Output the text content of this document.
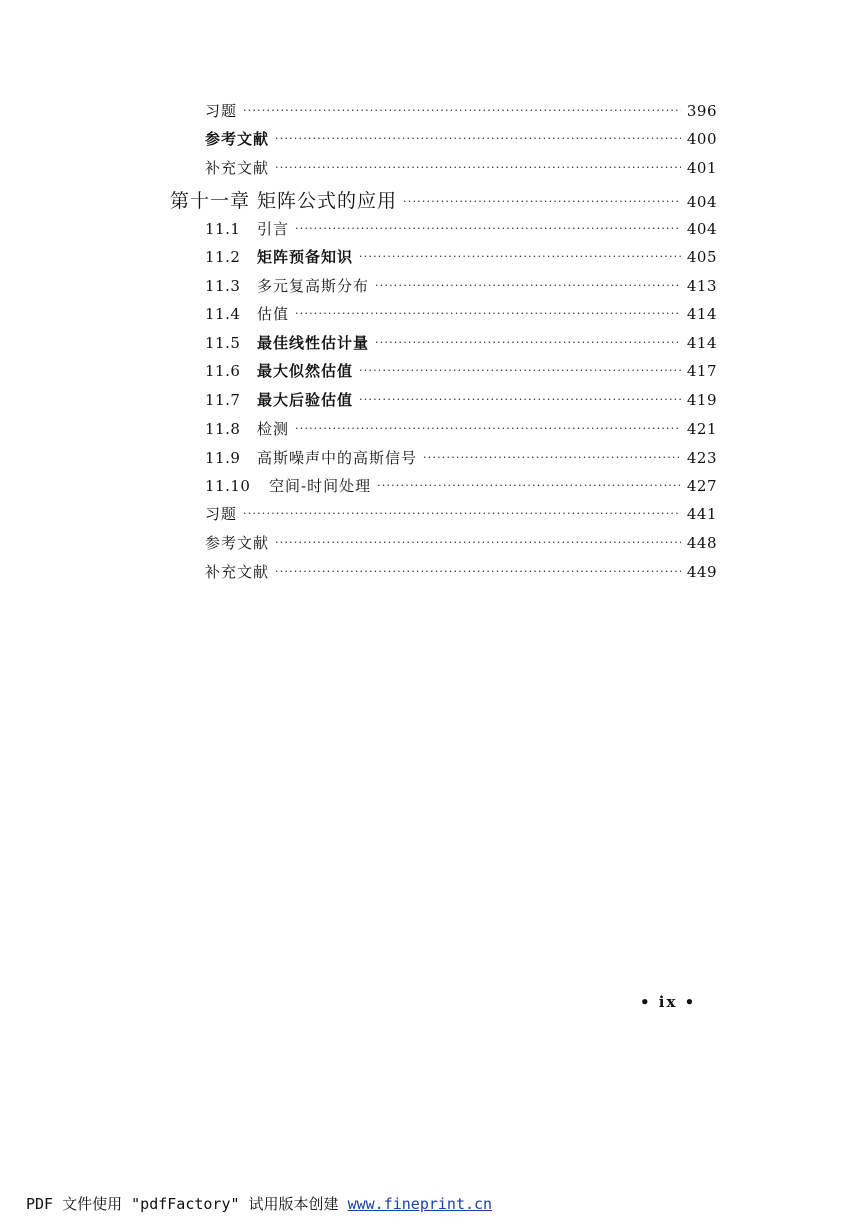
习题 ·····	396
参考文献 ·····	400
补充文献 ·····	401
第十一章 矩阵公式的应用 ·····	404
11.1	引言 ·····	404
11.2	矩阵预备知识 ·····	405
11.3	多元复高斯分布 ·····	413
11.4	估值 ·····	414
11.5	最佳线性估计量 ·····	414
11.6	最大似然估值 ·····	417
11.7	最大后验估值 ·····	419
11.8	检测 ·····	421
11.9	高斯噪声中的高斯信号 ·····	423
11.10	空间-时间处理 ·····	427
习题 ·····	441
参考文献 ·····	448
补充文献 ·····	449
• ix •
PDF 文件使用 "pdfFactory" 试用版本创建 www.fineprint.cn
